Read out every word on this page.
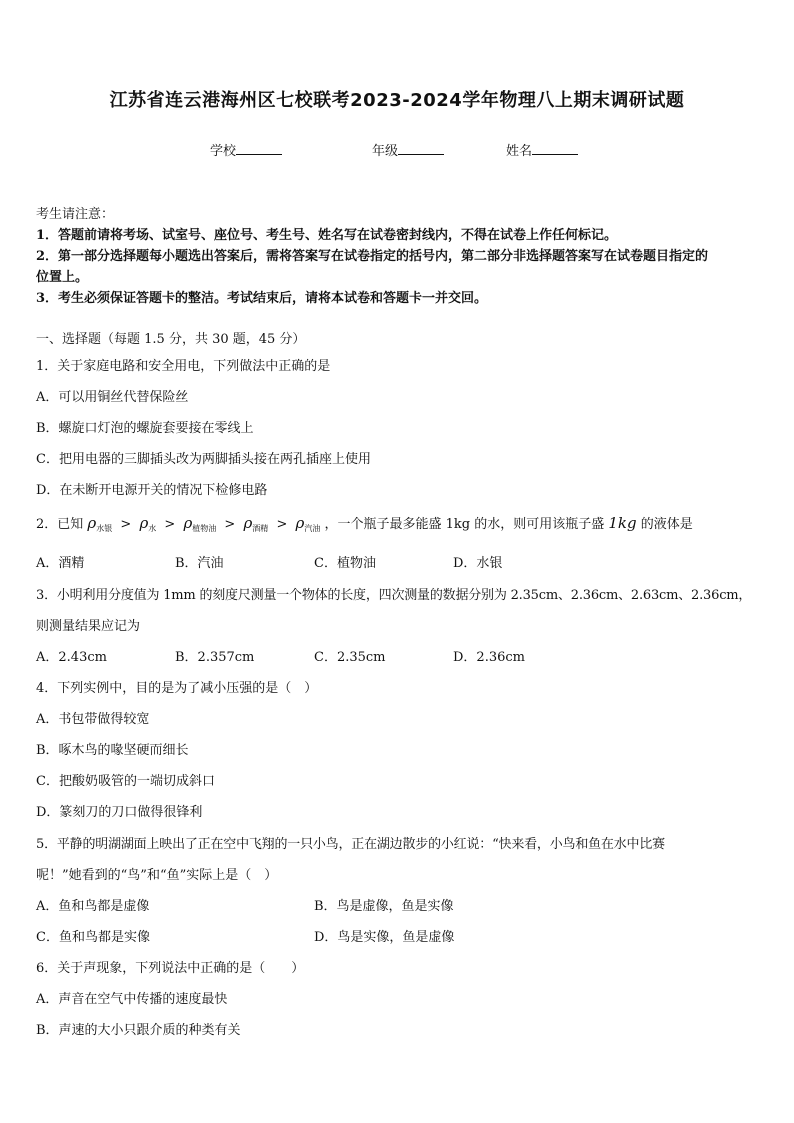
江苏省连云港海州区七校联考2023-2024学年物理八上期末调研试题
学校	年级	姓名
考生请注意：
1．答题前请将考场、试室号、座位号、考生号、姓名写在试卷密封线内，不得在试卷上作任何标记。
2．第一部分选择题每小题选出答案后，需将答案写在试卷指定的括号内，第二部分非选择题答案写在试卷题目指定的
位置上。
3．考生必须保证答题卡的整洁。考试结束后，请将本试卷和答题卡一并交回。
一、选择题（每题 1.5 分，共 30 题，45 分）
1．关于家庭电路和安全用电，下列做法中正确的是
A．可以用铜丝代替保险丝
B．螺旋口灯泡的螺旋套要接在零线上
C．把用电器的三脚插头改为两脚插头接在两孔插座上使用
D．在未断开电源开关的情况下检修电路
2．已知 $\rho_{水银} > \rho_水 > \rho_{植物油} > \rho_{酒精} > \rho_{汽油}$ ，一个瓶子最多能盛 1kg 的水，则可用该瓶子盛 1kg 的液体是
A．酒精	B．汽油	C．植物油	D．水银
3．小明利用分度值为 1mm 的刻度尺测量一个物体的长度，四次测量的数据分别为 2.35cm、2.36cm、2.63cm、2.36cm，
则测量结果应记为
A．2.43cm	B．2.357cm	C．2.35cm	D．2.36cm
4．下列实例中，目的是为了减小压强的是（　）
A．书包带做得较宽
B．啄木鸟的喙坚硬而细长
C．把酸奶吸管的一端切成斜口
D．篆刻刀的刀口做得很锋利
5．平静的明湖湖面上映出了正在空中飞翔的一只小鸟，正在湖边散步的小红说：“快来看，小鸟和鱼在水中比赛
呢！”她看到的“鸟”和“鱼”实际上是（　）
A．鱼和鸟都是虚像	B．鸟是虚像，鱼是实像
C．鱼和鸟都是实像	D．鸟是实像，鱼是虚像
6．关于声现象，下列说法中正确的是（　　）
A．声音在空气中传播的速度最快
B．声速的大小只跟介质的种类有关
